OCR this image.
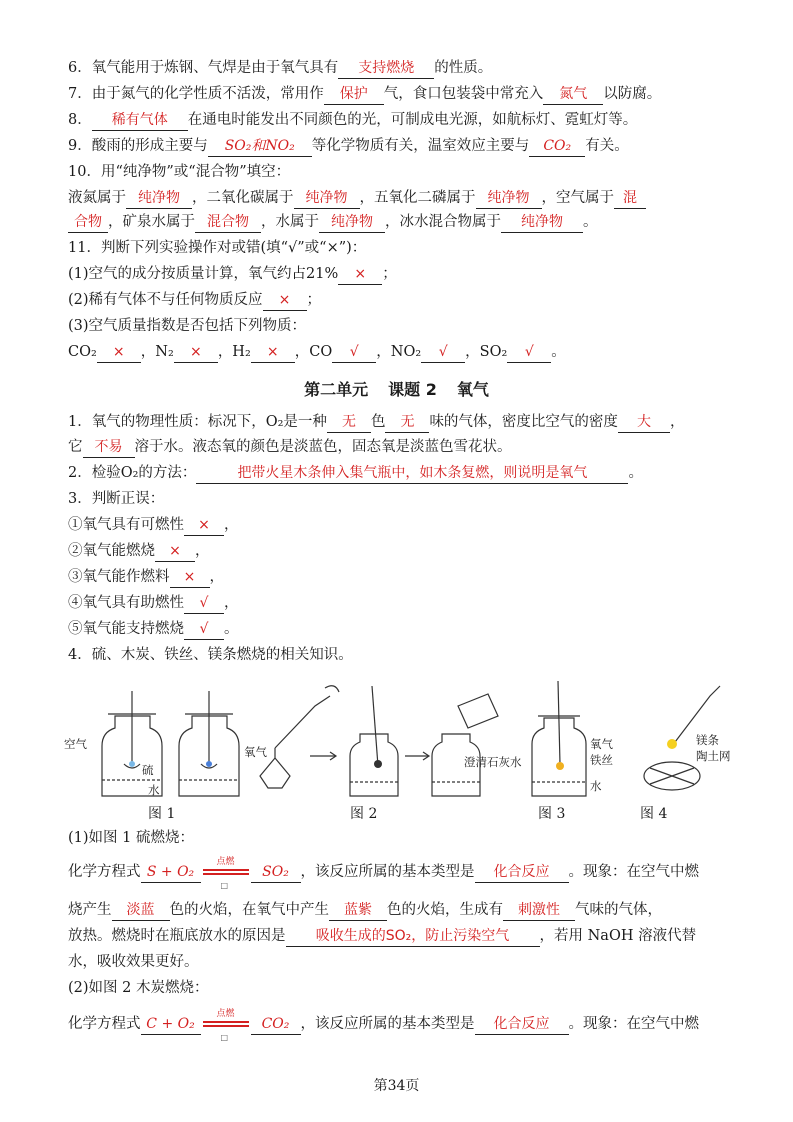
6．氧气能用于炼钢、气焊是由于氧气具有 支持燃烧 的性质。
7．由于氮气的化学性质不活泼，常用作 保护 气，食口包装袋中常充入 氮气 以防腐。
8． 稀有气体 在通电时能发出不同颜色的光，可制成电光源，如航标灯、霓虹灯等。
9．酸雨的形成主要与 SO₂和NO₂ 等化学物质有关，温室效应主要与 CO₂ 有关。
10．用“纯净物”或“混合物”填空：
液氮属于 纯净物 ，二氧化碳属于 纯净物 ，五氧化二磷属于 纯净物 ，空气属于 混
合物 ，矿泉水属于 混合物 ，水属于 纯净物 ，冰水混合物属于 纯净物 。
11．判断下列实验操作对或错(填“√”或“×”)：
(1)空气的成分按质量计算，氧气约占21% × ；
(2)稀有气体不与任何物质反应 × ；
(3)空气质量指数是否包括下列物质：
CO₂ × ，N₂ × ，H₂ × ，CO √ ，NO₂ √ ，SO₂ √ 。
第二单元 课题 2 氧气
1．氧气的物理性质：标况下，O₂是一种 无 色 无 味的气体，密度比空气的密度 大 ，
它 不易 溶于水。液态氧的颜色是淡蓝色，固态氧是淡蓝色雪花状。
2．检验O₂的方法：	把带火星木条伸入集气瓶中，如木条复燃，则说明是氧气	。
3．判断正误：
①氧气具有可燃性 × ，
②氧气能燃烧 × ，
③氧气能作燃料 × ，
④氧气具有助燃性 √ ，
⑤氧气能支持燃烧 √ 。
4．硫、木炭、铁丝、镁条燃烧的相关知识。
空气
硫
氧气
水
澄清石灰水
氧气
铁丝
水
镁条
陶土网
图 1	图 2	图 3	图 4
(1)如图 1 硫燃烧：
化学方程式 S + O₂
点燃
□
SO₂ ，该反应所属的基本类型是 化合反应 。现象：在空气中燃
烧产生 淡蓝 色的火焰，在氧气中产生 蓝紫 色的火焰，生成有 刺激性 气味的气体，
放热。燃烧时在瓶底放水的原因是 吸收生成的SO₂，防止污染空气 ，若用 NaOH 溶液代替
水，吸收效果更好。
(2)如图 2 木炭燃烧：
化学方程式 C + O₂
点燃
□
CO₂ ，该反应所属的基本类型是 化合反应 。现象：在空气中燃
第34页
